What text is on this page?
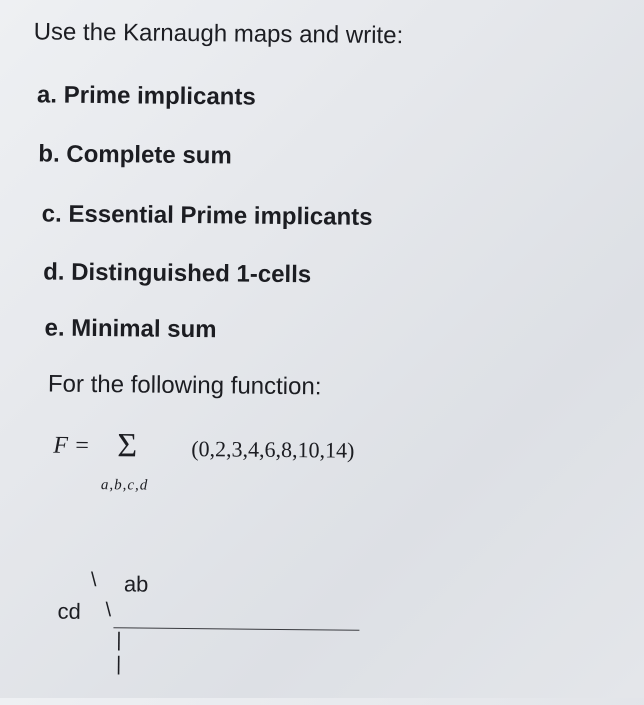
Use the Karnaugh maps and write:
a. Prime implicants
b. Complete sum
c. Essential Prime implicants
d. Distinguished 1-cells
e. Minimal sum
For the following function:
F = Σ (0,2,3,4,6,8,10,14)
a,b,c,d
\ ab
cd \
|
|
